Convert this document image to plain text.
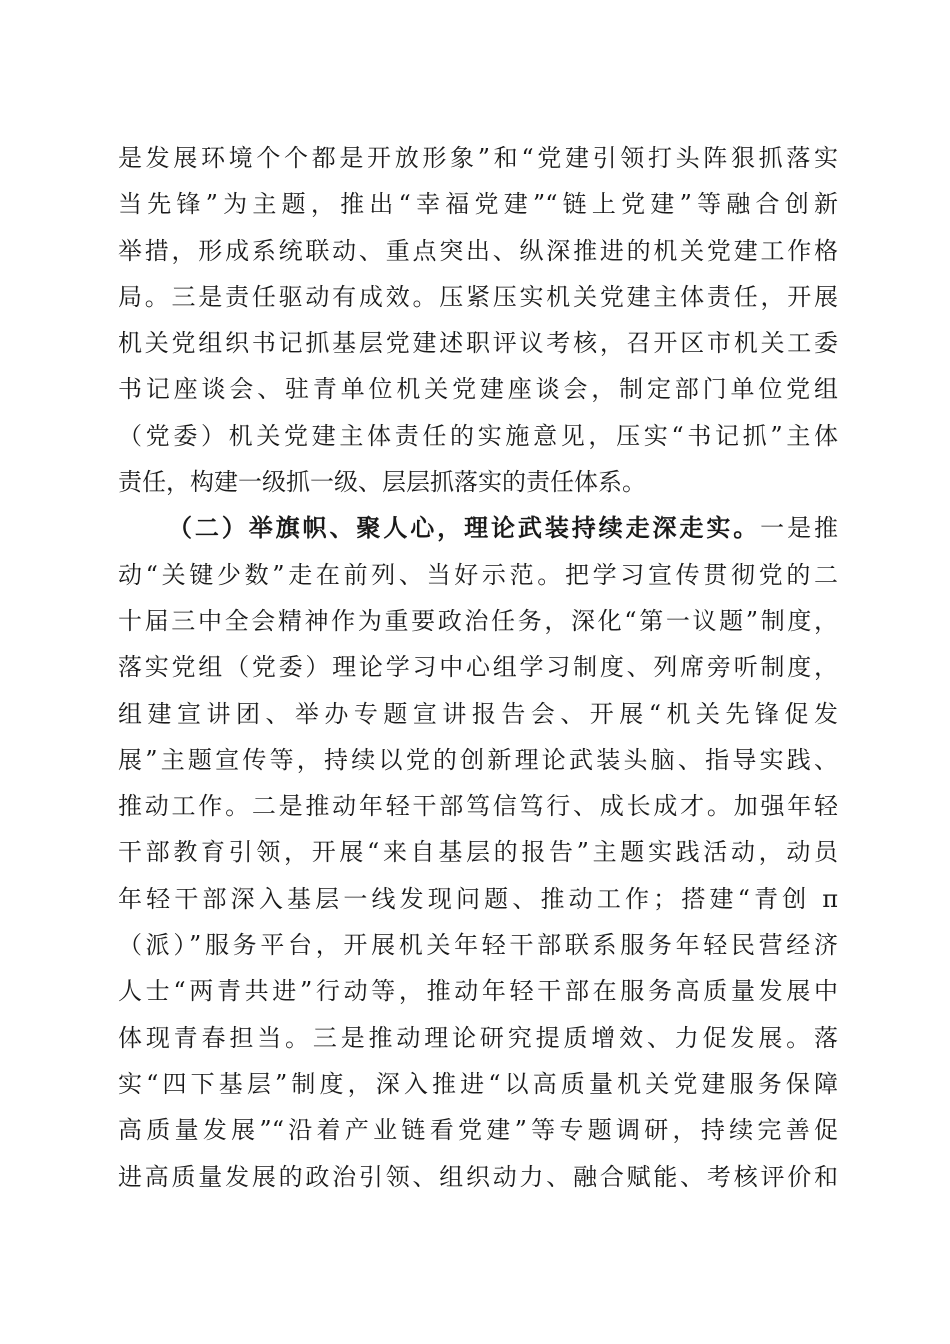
是发展环境个个都是开放形象”和“党建引领打头阵狠抓落实
当先锋”为主题，推出“幸福党建”“链上党建”等融合创新
举措，形成系统联动、重点突出、纵深推进的机关党建工作格
局。三是责任驱动有成效。压紧压实机关党建主体责任，开展
机关党组织书记抓基层党建述职评议考核，召开区市机关工委
书记座谈会、驻青单位机关党建座谈会，制定部门单位党组
（党委）机关党建主体责任的实施意见，压实“书记抓”主体
责任，构建一级抓一级、层层抓落实的责任体系。
（二）举旗帜、聚人心，理论武装持续走深走实。一是推
动“关键少数”走在前列、当好示范。把学习宣传贯彻党的二
十届三中全会精神作为重要政治任务，深化“第一议题”制度，
落实党组（党委）理论学习中心组学习制度、列席旁听制度，
组建宣讲团、举办专题宣讲报告会、开展“机关先锋促发
展”主题宣传等，持续以党的创新理论武装头脑、指导实践、
推动工作。二是推动年轻干部笃信笃行、成长成才。加强年轻
干部教育引领，开展“来自基层的报告”主题实践活动，动员
年轻干部深入基层一线发现问题、推动工作；搭建“青创 π
（派）”服务平台，开展机关年轻干部联系服务年轻民营经济
人士“两青共进”行动等，推动年轻干部在服务高质量发展中
体现青春担当。三是推动理论研究提质增效、力促发展。落
实“四下基层”制度，深入推进“以高质量机关党建服务保障
高质量发展”“沿着产业链看党建”等专题调研，持续完善促
进高质量发展的政治引领、组织动力、融合赋能、考核评价和
